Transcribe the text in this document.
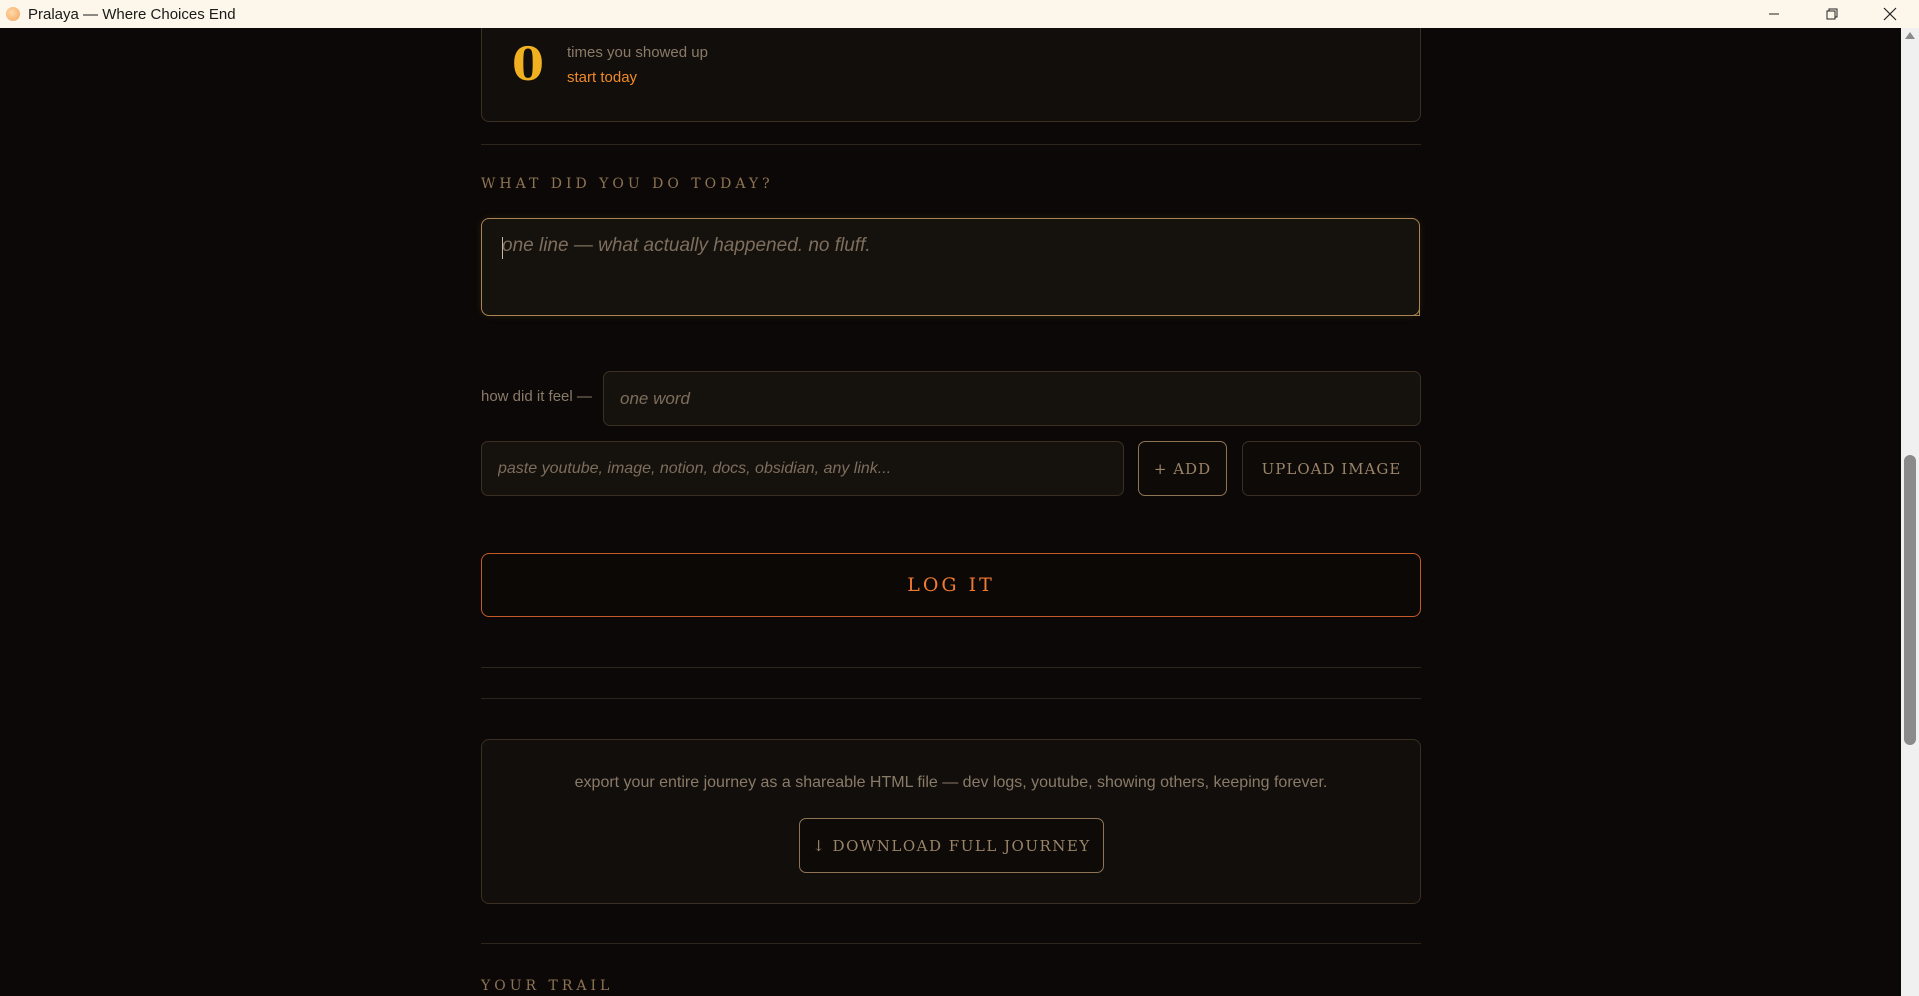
Pralaya — Where Choices End
0 times you showed up
start today
WHAT DID YOU DO TODAY?
one line — what actually happened. no fluff.
how did it feel —
one word
paste youtube, image, notion, docs, obsidian, any link...
+ ADD	UPLOAD IMAGE
LOG IT
export your entire journey as a shareable HTML file — dev logs, youtube, showing others, keeping forever.
↓ DOWNLOAD FULL JOURNEY
YOUR TRAIL
